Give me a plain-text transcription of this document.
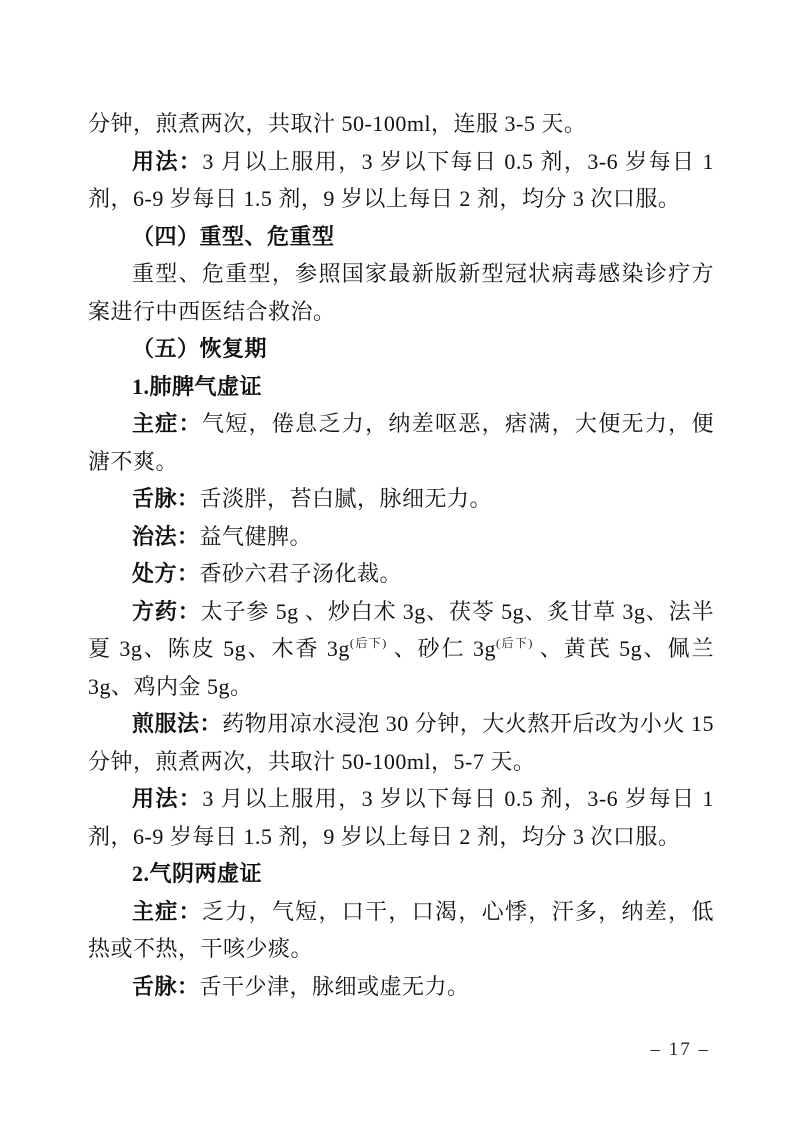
分钟，煎煮两次，共取汁 50-100ml，连服 3-5 天。
用法：3 月以上服用，3 岁以下每日 0.5 剂，3-6 岁每日 1 剂，6-9 岁每日 1.5 剂，9 岁以上每日 2 剂，均分 3 次口服。
（四）重型、危重型
重型、危重型，参照国家最新版新型冠状病毒感染诊疗方案进行中西医结合救治。
（五）恢复期
1.肺脾气虚证
主症：气短，倦息乏力，纳差呕恶，痞满，大便无力，便溏不爽。
舌脉：舌淡胖，苔白腻，脉细无力。
治法：益气健脾。
处方：香砂六君子汤化裁。
方药：太子参 5g 、炒白术 3g、茯苓 5g、炙甘草 3g、法半夏 3g、陈皮 5g、木香 $3g^{(后下)}$ 、砂仁 $3g^{(后下)}$ 、黄芪 5g、佩兰 3g、鸡内金 5g。
煎服法：药物用凉水浸泡 30 分钟，大火熬开后改为小火 15 分钟，煎煮两次，共取汁 50-100ml，5-7 天。
用法：3 月以上服用，3 岁以下每日 0.5 剂，3-6 岁每日 1 剂，6-9 岁每日 1.5 剂，9 岁以上每日 2 剂，均分 3 次口服。
2.气阴两虚证
主症：乏力，气短，口干，口渴，心悸，汗多，纳差，低热或不热，干咳少痰。
舌脉：舌干少津，脉细或虚无力。
– 17 –
